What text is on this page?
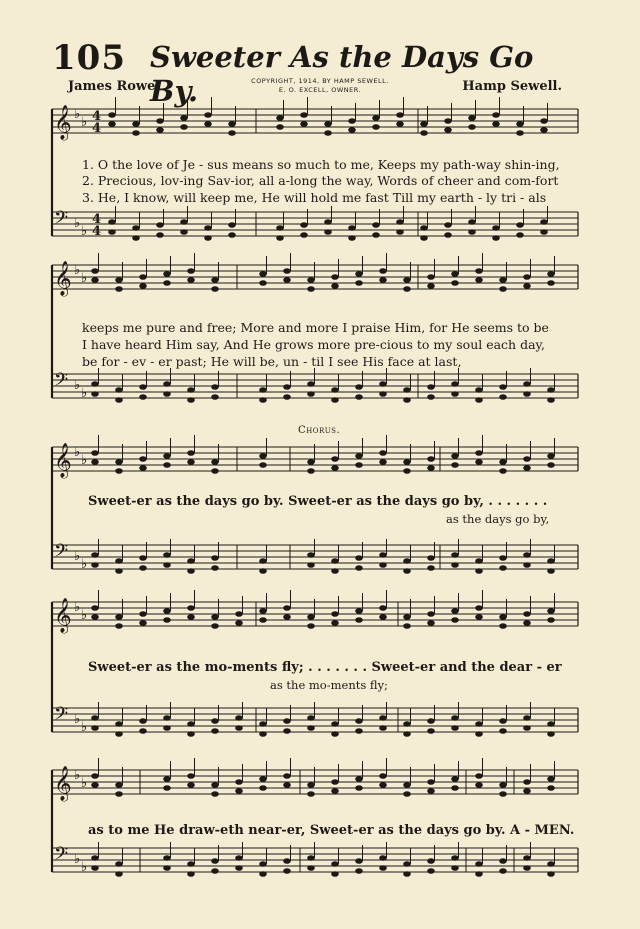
105 Sweeter As the Days Go By.
James Rowe.	COPYRIGHT, 1914, BY HAMP SEWELL.
E. O. EXCELL, OWNER.	Hamp Sewell.
𝄞 ♭
♭
𝄢 ♭
♭
𝄞 ♭
♭
𝄢 ♭
♭
𝄞 ♭
♭
𝄢 ♭
♭
𝄞 ♭
♭
𝄢 ♭
♭
𝄞 ♭
♭
𝄢 ♭
♭
4
4
4
4
1. O the love of Je - sus means so much to me, Keeps my path-way shin-ing,
2. Precious, lov-ing Sav-ior, all a-long the way, Words of cheer and com-fort
3. He, I know, will keep me, He will hold me fast Till my earth - ly tri - als
keeps me pure and free; More and more I praise Him, for He seems to be
I have heard Him say, And He grows more pre-cious to my soul each day,
be for - ev - er past; He will be, un - til I see His face at last,
Chorus.
Sweet-er as the days go by. Sweet-er as the days go by, . . . . . . .
as the days go by,
Sweet-er as the mo-ments fly; . . . . . . . Sweet-er and the dear - er
as the mo-ments fly;
as to me He draw-eth near-er, Sweet-er as the days go by. A - MEN.
